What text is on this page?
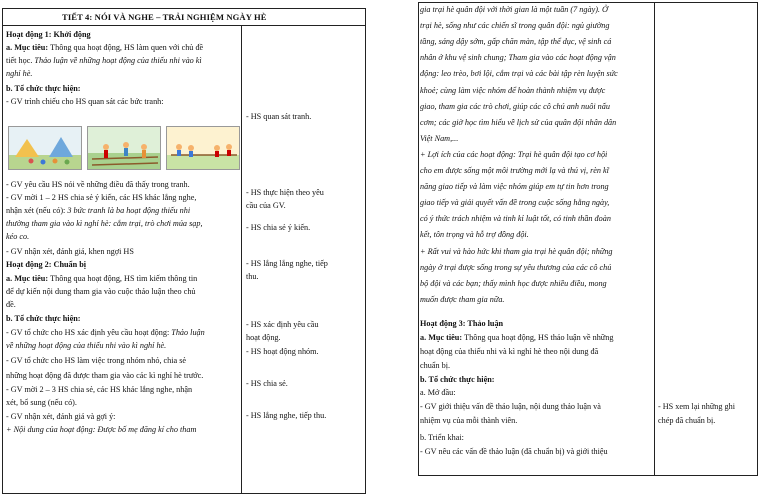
TIẾT 4: NÓI VÀ NGHE – TRẢI NGHIỆM NGÀY HÈ
Hoạt động 1: Khởi động
a. Mục tiêu: Thông qua hoạt động, HS làm quen với chủ đề
tiết học. Thảo luận về những hoạt động của thiếu nhi vào kì
nghỉ hè.
b. Tổ chức thực hiện:
- GV trình chiếu cho HS quan sát các bức tranh:
- GV yêu cầu HS nói về những điều đã thấy trong tranh.
- GV mời 1 – 2 HS chia sẻ ý kiến, các HS khác lắng nghe,
nhận xét (nếu có): 3 bức tranh là ba hoạt động thiếu nhi
thường tham gia vào kì nghỉ hè: cắm trại, trò chơi múa sạp,
kéo co.
- GV nhận xét, đánh giá, khen ngợi HS
Hoạt động 2: Chuẩn bị
a. Mục tiêu: Thông qua hoạt động, HS tìm kiếm thông tin
để dự kiến nội dung tham gia vào cuộc thảo luận theo chủ
đề.
b. Tổ chức thực hiện:
- GV tổ chức cho HS xác định yêu cầu hoạt động: Thảo luận
về những hoạt động của thiếu nhi vào kì nghỉ hè.
- GV tổ chức cho HS làm việc trong nhóm nhỏ, chia sẻ
những hoạt động đã được tham gia vào các kì nghỉ hè trước.
- GV mời 2 – 3 HS chia sẻ, các HS khác lắng nghe, nhận
xét, bổ sung (nếu có).
- GV nhận xét, đánh giá và gợi ý:
+ Nội dung của hoạt động: Được bố mẹ đăng kí cho tham
- HS quan sát tranh.
- HS thực hiện theo yêu
cầu của GV.
- HS chia sẻ ý kiến.
- HS lắng lắng nghe, tiếp
thu.
- HS xác định yêu cầu
hoạt động.
- HS hoạt động nhóm.
- HS chia sẻ.
- HS lắng nghe, tiếp thu.
gia trại hè quân đội với thời gian là một tuần (7 ngày). Ở
trại hè, sống như các chiến sĩ trong quân đội: ngủ giường
tầng, sáng dậy sớm, gấp chăn màn, tập thể dục, vệ sinh cá
nhân ở khu vệ sinh chung; Tham gia vào các hoạt động vận
động: leo trèo, bơi lội, cắm trại và các bài tập rèn luyện sức
khoẻ; cùng làm việc nhóm để hoàn thành nhiệm vụ được
giao, tham gia các trò chơi, giúp các cô chú anh nuôi nấu
cơm; các giờ học tìm hiểu về lịch sử của quân đội nhân dân
Việt Nam,...
+ Lợi ích của các hoạt động: Trại hè quân đội tạo cơ hội
cho em được sống một môi trường mới lạ và thú vị, rèn kĩ
năng giao tiếp và làm việc nhóm giúp em tự tin hơn trong
giao tiếp và giải quyết vấn đề trong cuộc sống hằng ngày,
có ý thức trách nhiệm và tinh kỉ luật tốt, có tinh thần đoàn
kết, tôn trọng và hỗ trợ đồng đội.
+ Rất vui và hào hức khi tham gia trại hè quân đội; những
ngày ở trại được sống trong sự yêu thương của các cô chú
bộ đội và các bạn; thấy mình học được nhiều điều, mong
muốn được tham gia nữa.
Hoạt động 3: Thảo luận
a. Mục tiêu: Thông qua hoạt động, HS thảo luận về những
hoạt động của thiếu nhi và kì nghỉ hè theo nội dung đã
chuẩn bị.
b. Tổ chức thực hiện:
a. Mở đầu:
- GV giới thiệu vấn đề thảo luận, nội dung thảo luận và
nhiệm vụ của mỗi thành viên.
b. Triển khai:
- GV nêu các vấn đề thảo luận (đã chuẩn bị) và giới thiệu
- HS xem lại những ghi
chép đã chuẩn bị.
